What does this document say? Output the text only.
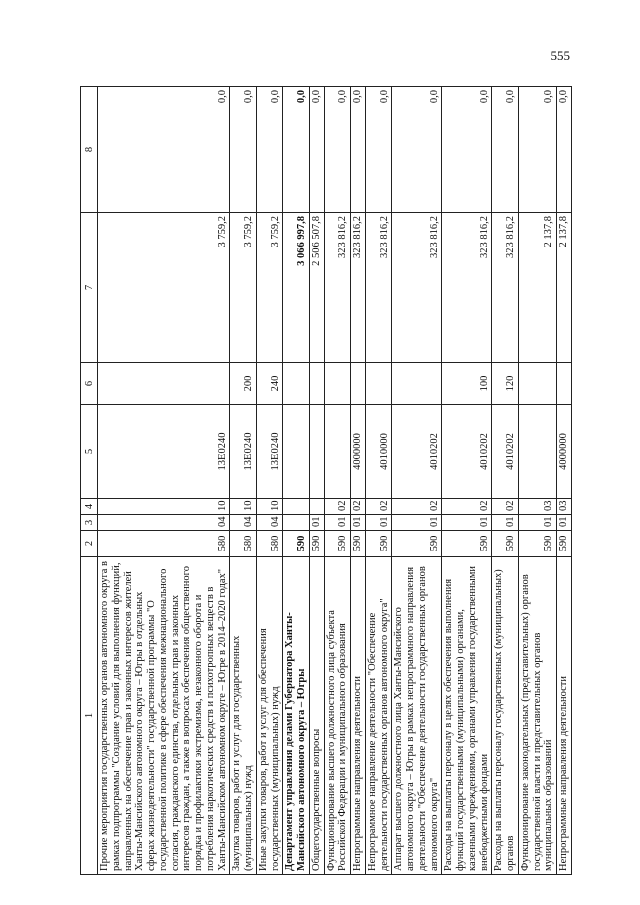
555
1	2	3	4	5	6	7	8
Прочие мероприятия государственных органов автономного округа в рамках подпрограммы "Создание условий для выполнения функций, направленных на обеспечение прав и законных интересов жителей Ханты-Мансийского автономного округа – Югры в отдельных сферах жизнедеятельности" государственной программы "О государственной политике в сфере обеспечения межнационального согласия, гражданского единства, отдельных прав и законных интересов граждан, а также в вопросах обеспечения общественного порядка и профилактики экстремизма, незаконного оборота и потребления наркотических средств и психотропных веществ в Ханты-Мансийском автономном округе – Югре в 2014–2020 годах"	580	04	10	13Е0240		3 759,2	0,0
Закупка товаров, работ и услуг для государственных (муниципальных) нужд	580	04	10	13Е0240	200	3 759,2	0,0
Иные закупки товаров, работ и услуг для обеспечения государственных (муниципальных) нужд	580	04	10	13Е0240	240	3 759,2	0,0
Департамент управления делами Губернатора Ханты-Мансийского автономного округа – Югры	590					3 066 997,8	0,0
Общегосударственные вопросы	590	01				2 506 507,8	0,0
Функционирование высшего должностного лица субъекта Российской Федерации и муниципального образования	590	01	02			323 816,2	0,0
Непрограммные направления деятельности	590	01	02	4000000		323 816,2	0,0
Непрограммное направление деятельности "Обеспечение деятельности государственных органов автономного округа"	590	01	02	4010000		323 816,2	0,0
Аппарат высшего должностного лица Ханты-Мансийского автономного округа – Югры в рамках непрограммного направления деятельности "Обеспечение деятельности государственных органов автономного округа"	590	01	02	4010202		323 816,2	0,0
Расходы на выплаты персоналу в целях обеспечения выполнения функций государственными (муниципальными) органами, казенными учреждениями, органами управления государственными внебюджетными фондами	590	01	02	4010202	100	323 816,2	0,0
Расходы на выплаты персоналу государственных (муниципальных) органов	590	01	02	4010202	120	323 816,2	0,0
Функционирование законодательных (представительных) органов государственной власти и представительных органов муниципальных образований	590	01	03			2 137,8	0,0
Непрограммные направления деятельности	590	01	03	4000000		2 137,8	0,0
